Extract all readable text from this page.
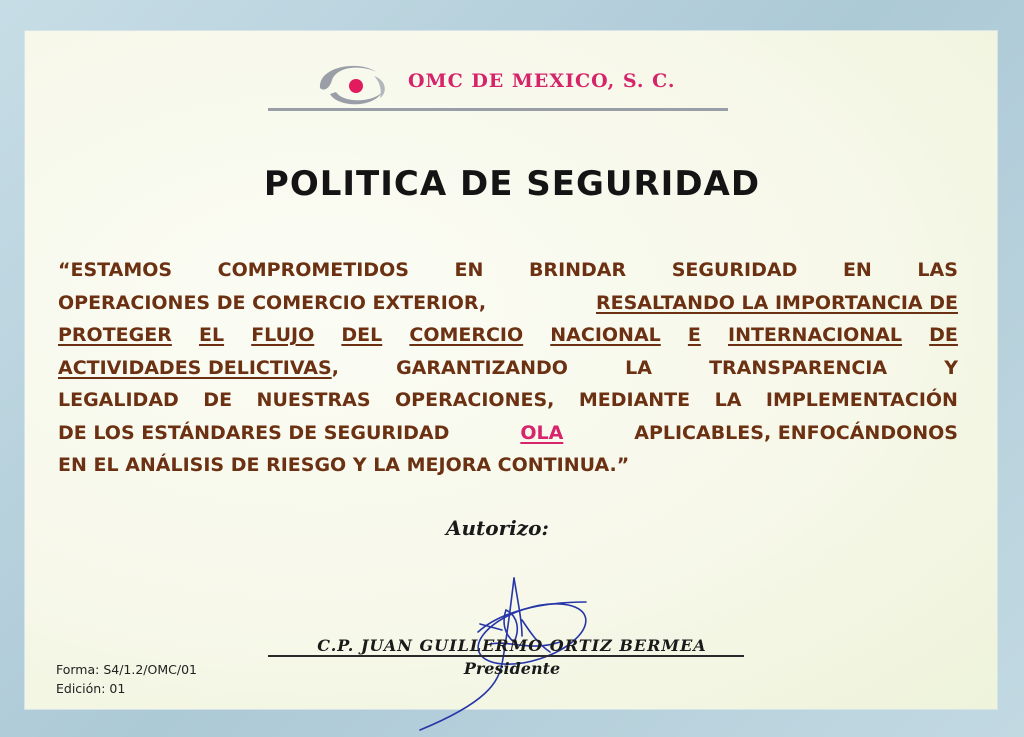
OMC DE MEXICO, S. C.
POLITICA DE SEGURIDAD
“ESTAMOS COMPROMETIDOS EN BRINDAR SEGURIDAD EN LAS
OPERACIONES DE COMERCIO EXTERIOR,	RESALTANDO LA IMPORTANCIA DE
PROTEGER EL FLUJO DEL COMERCIO NACIONAL E INTERNACIONAL DE
ACTIVIDADES DELICTIVAS,	GARANTIZANDO	LA	TRANSPARENCIA	Y
LEGALIDAD DE NUESTRAS OPERACIONES, MEDIANTE LA IMPLEMENTACIÓN
DE LOS ESTÁNDARES DE SEGURIDAD	OLA	APLICABLES, ENFOCÁNDONOS
EN EL ANÁLISIS DE RIESGO Y LA MEJORA CONTINUA.”
Autorizo:
C.P. JUAN GUILLERMO ORTIZ BERMEA
Presidente
Forma: S4/1.2/OMC/01
Edición: 01
